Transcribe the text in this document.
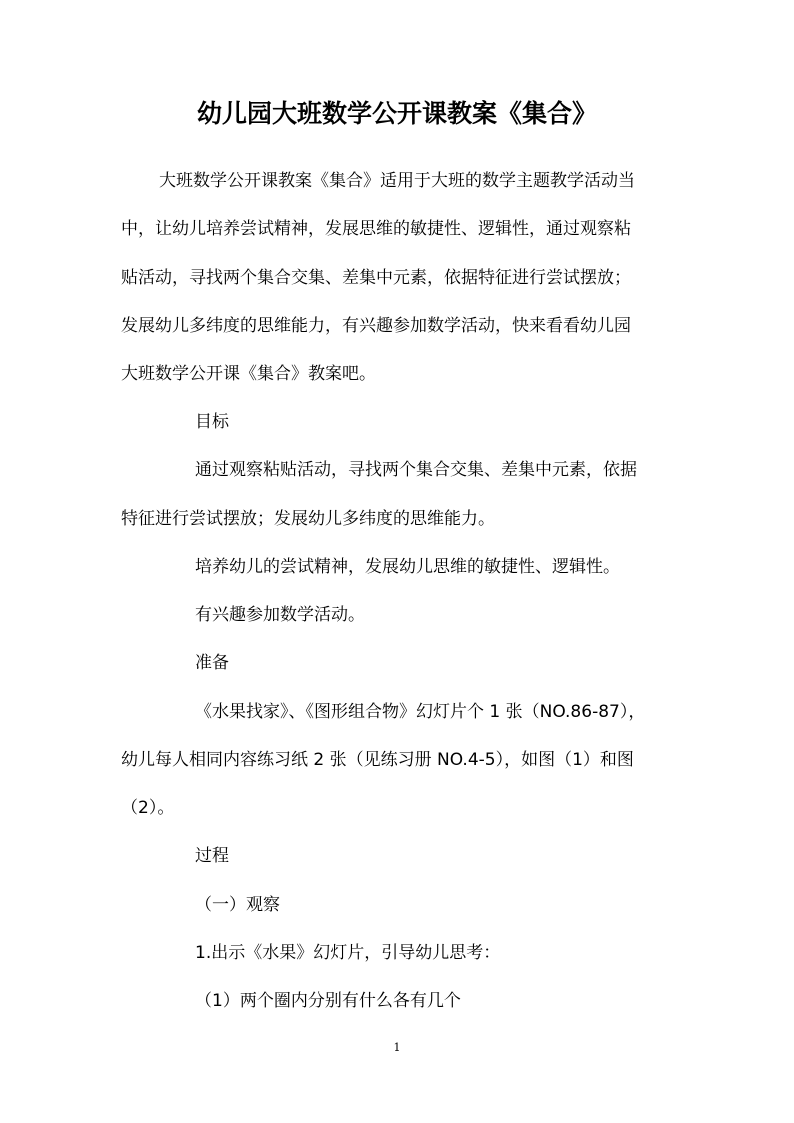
幼儿园大班数学公开课教案《集合》
大班数学公开课教案《集合》适用于大班的数学主题教学活动当
中，让幼儿培养尝试精神，发展思维的敏捷性、逻辑性，通过观察粘
贴活动，寻找两个集合交集、差集中元素，依据特征进行尝试摆放；
发展幼儿多纬度的思维能力，有兴趣参加数学活动，快来看看幼儿园
大班数学公开课《集合》教案吧。
目标
通过观察粘贴活动，寻找两个集合交集、差集中元素，依据
特征进行尝试摆放；发展幼儿多纬度的思维能力。
培养幼儿的尝试精神，发展幼儿思维的敏捷性、逻辑性。
有兴趣参加数学活动。
准备
《水果找家》、《图形组合物》幻灯片个 1 张（NO.86-87），
幼儿每人相同内容练习纸 2 张（见练习册 NO.4-5），如图（1）和图
（2）。
过程
（一）观察
1.出示《水果》幻灯片，引导幼儿思考：
（1）两个圈内分别有什么各有几个
1
